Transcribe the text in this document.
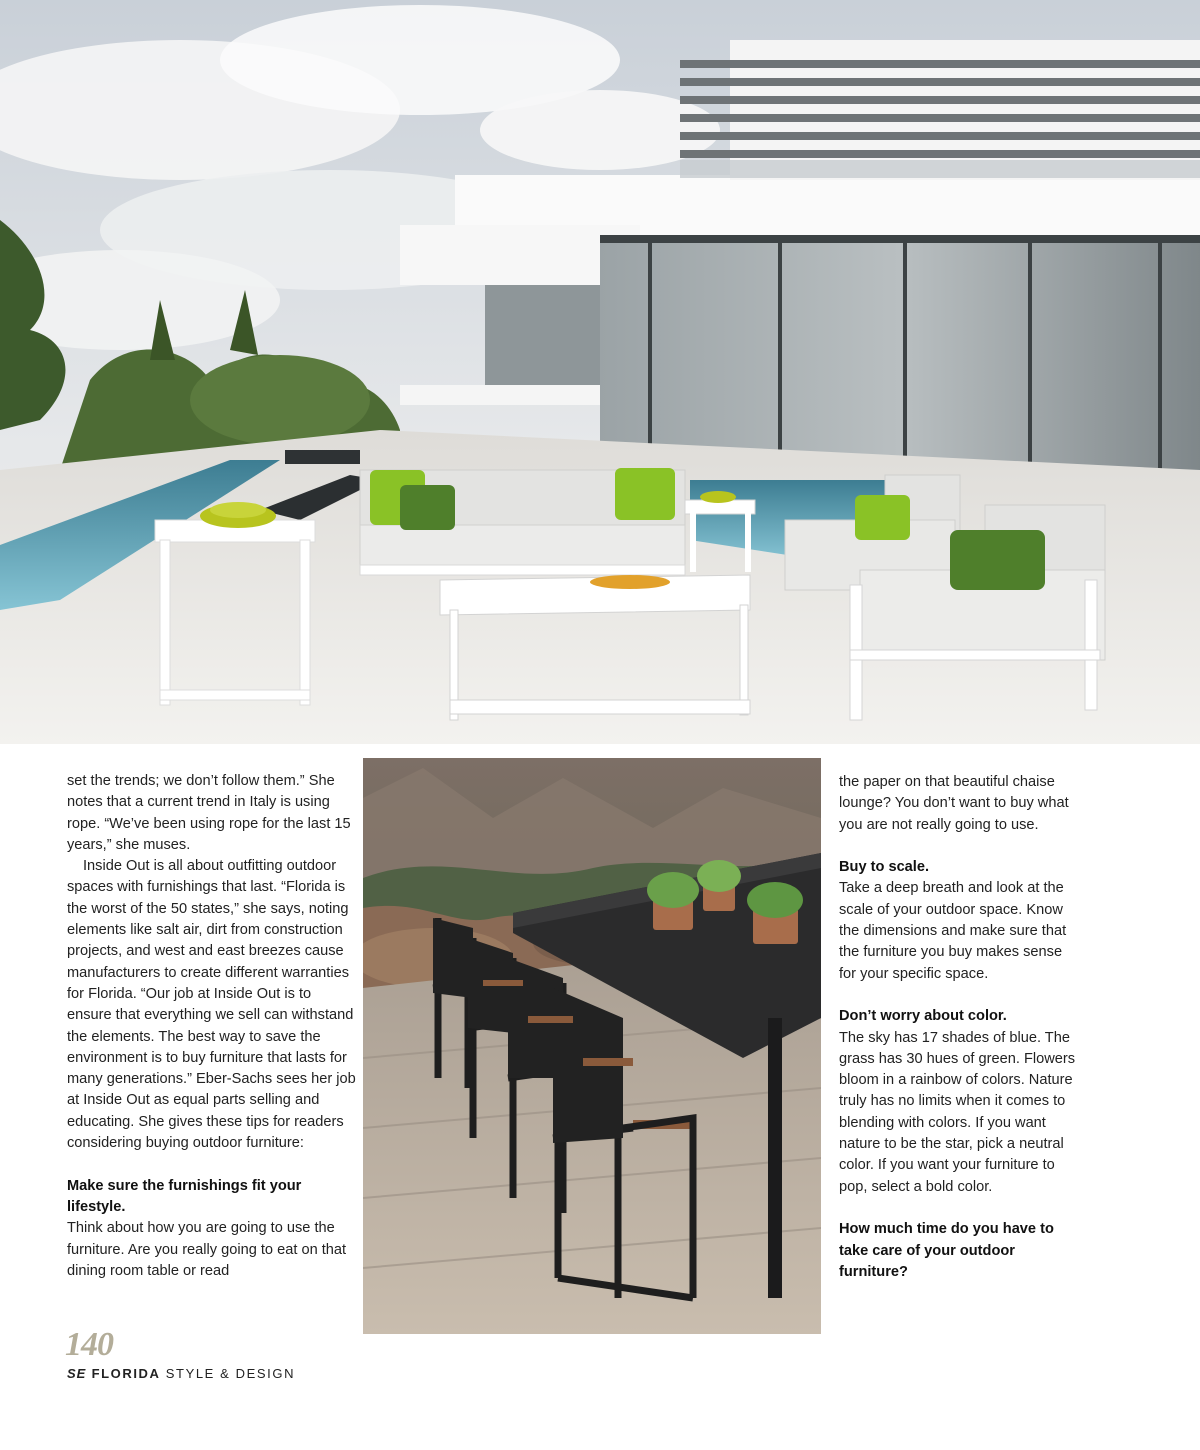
set the trends; we don’t follow them.” She notes that a current trend in Italy is using rope. “We’ve been using rope for the last 15 years,” she muses.

Inside Out is all about outfitting outdoor spaces with furnishings that last. “Florida is the worst of the 50 states,” she says, noting elements like salt air, dirt from construction projects, and west and east breezes cause manufacturers to create different warranties for Florida. “Our job at Inside Out is to ensure that everything we sell can withstand the elements. The best way to save the environment is to buy furniture that lasts for many generations.” Eber-Sachs sees her job at Inside Out as equal parts selling and educating. She gives these tips for readers considering buying outdoor furniture:

Make sure the furnishings fit your lifestyle.

Think about how you are going to use the furniture. Are you really going to eat on that dining room table or read

the paper on that beautiful chaise lounge? You don’t want to buy what you are not really going to use.

Buy to scale.

Take a deep breath and look at the scale of your outdoor space. Know the dimensions and make sure that the furniture you buy makes sense for your specific space.

Don’t worry about color.

The sky has 17 shades of blue. The grass has 30 hues of green. Flowers bloom in a rainbow of colors. Nature truly has no limits when it comes to blending with colors. If you want nature to be the star, pick a neutral color. If you want your furniture to pop, select a bold color.

How much time do you have to take care of your outdoor furniture?
140
SE FLORIDA STYLE & DESIGN
